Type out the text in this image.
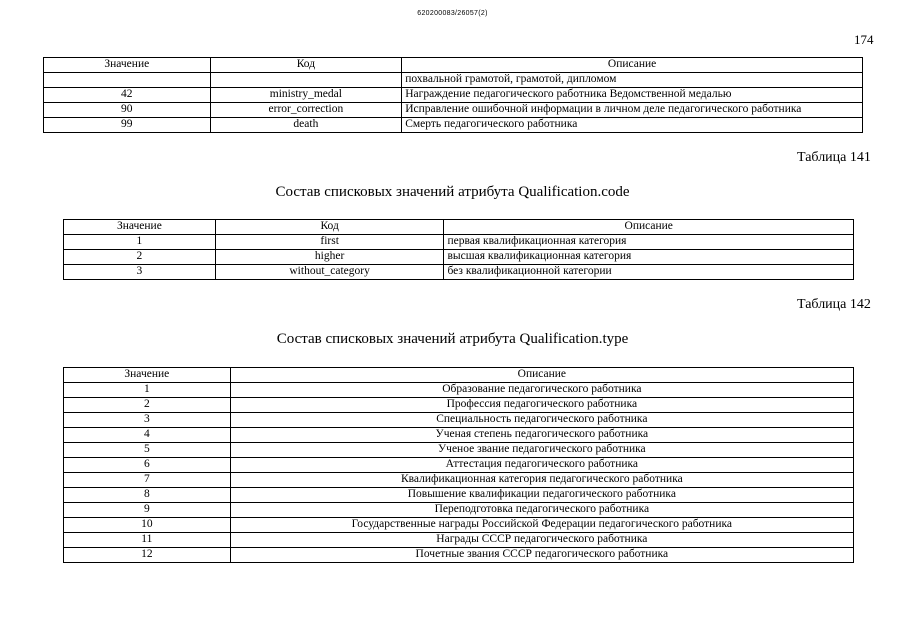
620200083/26057(2)
174
Значение	Код	Описание
		похвальной грамотой, грамотой, дипломом
42	ministry_medal	Награждение педагогического работника Ведомственной медалью
90	error_correction	Исправление ошибочной информации в личном деле педагогического работника
99	death	Смерть педагогического работника
Таблица 141
Состав списковых значений атрибута Qualification.code
Значение	Код	Описание
1	first	первая квалификационная категория
2	higher	высшая квалификационная категория
3	without_category	без квалификационной категории
Таблица 142
Состав списковых значений атрибута Qualification.type
Значение	Описание
1	Образование педагогического работника
2	Профессия педагогического работника
3	Специальность педагогического работника
4	Ученая степень педагогического работника
5	Ученое звание педагогического работника
6	Аттестация педагогического работника
7	Квалификационная категория педагогического работника
8	Повышение квалификации педагогического работника
9	Переподготовка педагогического работника
10	Государственные награды Российской Федерации педагогического работника
11	Награды СССР педагогического работника
12	Почетные звания СССР педагогического работника
